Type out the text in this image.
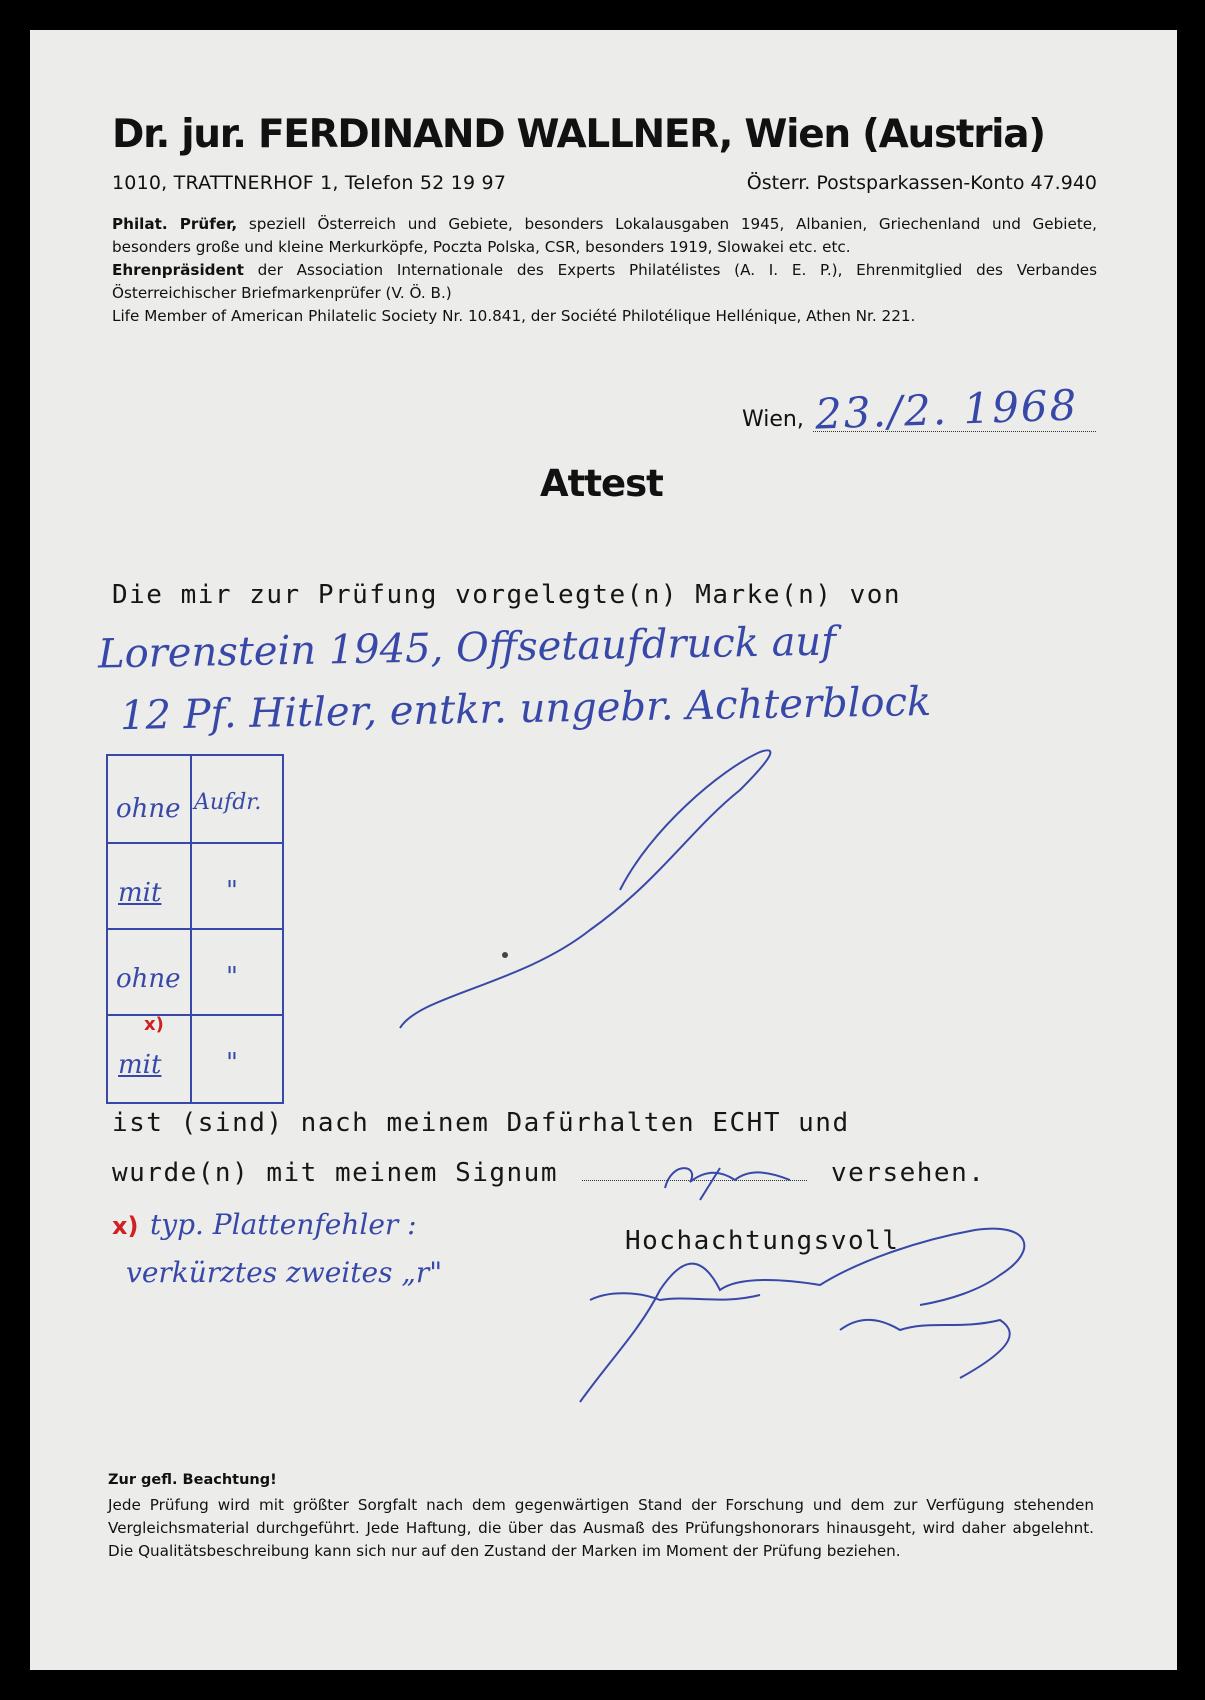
Dr. jur. FERDINAND WALLNER, Wien (Austria)
1010, TRATTNERHOF 1, Telefon 52 19 97	Österr. Postsparkassen-Konto 47.940
Philat. Prüfer, speziell Österreich und Gebiete, besonders Lokalausgaben 1945, Albanien, Griechenland und Gebiete, besonders große und kleine Merkurköpfe, Poczta Polska, CSR, besonders 1919, Slowakei etc. etc.
Ehrenpräsident der Association Internationale des Experts Philatélistes (A. I. E. P.), Ehrenmitglied des Verbandes Österreichischer Briefmarkenprüfer (V. Ö. B.)
Life Member of American Philatelic Society Nr. 10.841, der Société Philotélique Hellénique, Athen Nr. 221.
Wien, 23./2. 1968
Attest
Die mir zur Prüfung vorgelegte(n) Marke(n) von
Lorenstein 1945, Offsetaufdruck auf
12 Pf. Hitler, entkr. ungebr. Achterblock
ohne Aufdr.
mit "
ohne "
mit "
x)
ist (sind) nach meinem Dafürhalten ECHT und
wurde(n) mit meinem Signum	versehen.
x) typ. Plattenfehler :
verkürztes zweites „r"
Hochachtungsvoll
Zur gefl. Beachtung!
Jede Prüfung wird mit größter Sorgfalt nach dem gegenwärtigen Stand der Forschung und dem zur Verfügung stehenden Vergleichsmaterial durchgeführt. Jede Haftung, die über das Ausmaß des Prüfungshonorars hinausgeht, wird daher abgelehnt. Die Qualitätsbeschreibung kann sich nur auf den Zustand der Marken im Moment der Prüfung beziehen.
